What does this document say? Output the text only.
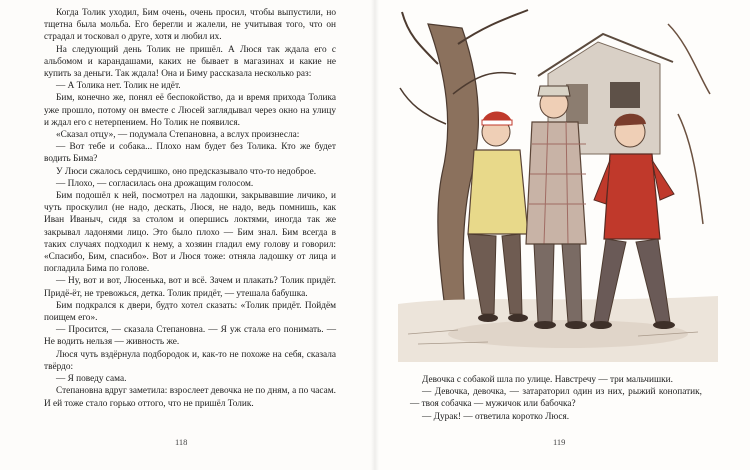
Когда Толик уходил, Бим очень, очень просил, чтобы выпустили, но тщетна была мольба. Его берегли и жалели, не учитывая того, что он страдал и тосковал о друге, хотя и любил их.

На следующий день Толик не пришёл. А Люся так ждала его с альбомом и карандашами, каких не бывает в магазинах и какие не купить за деньги. Так ждала! Она и Биму рассказала несколько раз:

— А Толика нет. Толик не идёт.

Бим, конечно же, понял её беспокойство, да и время прихода Толика уже прошло, потому он вместе с Люсей заглядывал через окно на улицу и ждал его с нетерпением. Но Толик не появился.

«Сказал отцу», — подумала Степановна, а вслух произнесла:

— Вот тебе и собака... Плохо нам будет без Толика. Кто же будет водить Бима?

У Люси сжалось сердчишко, оно предсказывало что-то недоброе.

— Плохо, — согласилась она дрожащим голосом.

Бим подошёл к ней, посмотрел на ладошки, закрывавшие личико, и чуть проскулил (не надо, дескать, Люся, не надо, ведь помнишь, как Иван Иваныч, сидя за столом и опершись локтями, иногда так же закрывал ладонями лицо. Это было плохо — Бим знал. Бим всегда в таких случаях подходил к нему, а хозяин гладил ему голову и говорил: «Спасибо, Бим, спасибо». Вот и Люся тоже: отняла ладошку от лица и погладила Бима по голове.

— Ну, вот и вот, Люсенька, вот и всё. Зачем и плакать? Толик придёт. Придё-ёт, не тревожься, детка. Толик придёт, — утешала бабушка.

Бим подкрался к двери, будто хотел сказать: «Толик придёт. Пойдём поищем его».

— Просится, — сказала Степановна. — Я уж стала его понимать. — Не водить нельзя — живность же.

Люся чуть вздёрнула подбородок и, как-то не похоже на себя, сказала твёрдо:

— Я поведу сама.

Степановна вдруг заметила: взрослеет девочка не по дням, а по часам. И ей тоже стало горько оттого, что не пришёл Толик.

118

Девочка с собакой шла по улице. Навстречу — три мальчишки.

— Девочка, девочка, — затараторил один из них, рыжий конопатик, — твоя собачка — мужичок или бабочка?

— Дурак! — ответила коротко Люся.

119
